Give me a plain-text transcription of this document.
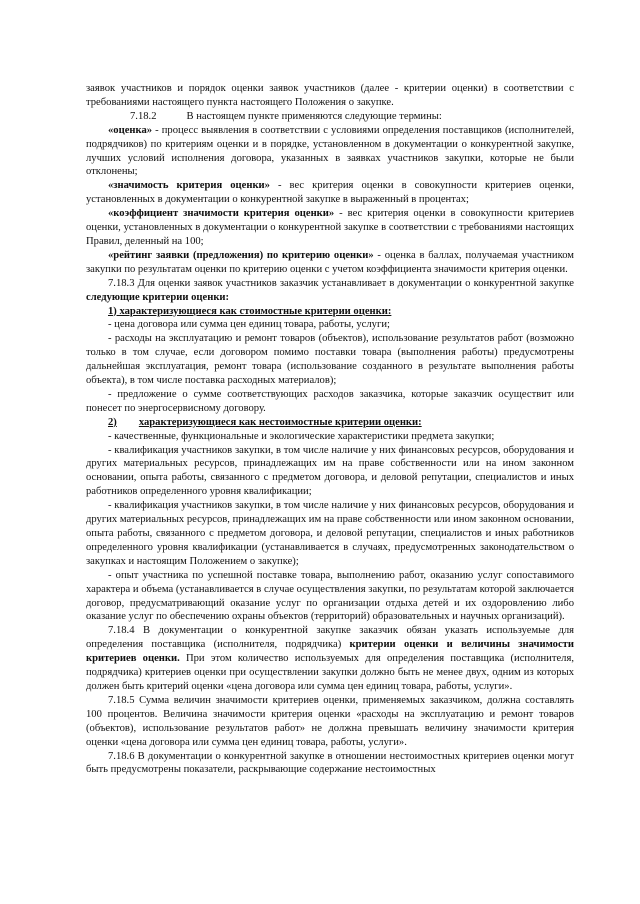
заявок участников и порядок оценки заявок участников (далее - критерии оценки) в соответствии с требованиями настоящего пункта настоящего Положения о закупке.

7.18.2	В настоящем пункте применяются следующие термины:

«оценка» - процесс выявления в соответствии с условиями определения поставщиков (исполнителей, подрядчиков) по критериям оценки и в порядке, установленном в документации о конкурентной закупке, лучших условий исполнения договора, указанных в заявках участников закупки, которые не были отклонены;

«значимость критерия оценки» - вес критерия оценки в совокупности критериев оценки, установленных в документации о конкурентной закупке в выраженный в процентах;

«коэффициент значимости критерия оценки» - вес критерия оценки в совокупности критериев оценки, установленных в документации о конкурентной закупке в соответствии с требованиями настоящих Правил, деленный на 100;

«рейтинг заявки (предложения) по критерию оценки» - оценка в баллах, получаемая участником закупки по результатам оценки по критерию оценки с учетом коэффициента значимости критерия оценки.

7.18.3 Для оценки заявок участников заказчик устанавливает в документации о конкурентной закупке следующие критерии оценки:

1) характеризующиеся как стоимостные критерии оценки:

- цена договора или сумма цен единиц товара, работы, услуги;

- расходы на эксплуатацию и ремонт товаров (объектов), использование результатов работ (возможно только в том случае, если договором помимо поставки товара (выполнения работы) предусмотрены дальнейшая эксплуатация, ремонт товара (использование созданного в результате выполнения работы объекта), в том числе поставка расходных материалов);

- предложение о сумме соответствующих расходов заказчика, которые заказчик осуществит или понесет по энергосервисному договору.

2) характеризующиеся как нестоимостные критерии оценки:

- качественные, функциональные и экологические характеристики предмета закупки;

- квалификация участников закупки, в том числе наличие у них финансовых ресурсов, оборудования и других материальных ресурсов, принадлежащих им на праве собственности или на ином законном основании, опыта работы, связанного с предметом договора, и деловой репутации, специалистов и иных работников определенного уровня квалификации;

- квалификация участников закупки, в том числе наличие у них финансовых ресурсов, оборудования и других материальных ресурсов, принадлежащих им на праве собственности или ином законном основании, опыта работы, связанного с предметом договора, и деловой репутации, специалистов и иных работников определенного уровня квалификации (устанавливается в случаях, предусмотренных законодательством о закупках и настоящим Положением о закупке);

- опыт участника по успешной поставке товара, выполнению работ, оказанию услуг сопоставимого характера и объема (устанавливается в случае осуществления закупки, по результатам которой заключается договор, предусматривающий оказание услуг по организации отдыха детей и их оздоровлению либо оказание услуг по обеспечению охраны объектов (территорий) образовательных и научных организаций).

7.18.4 В документации о конкурентной закупке заказчик обязан указать используемые для определения поставщика (исполнителя, подрядчика) критерии оценки и величины значимости критериев оценки. При этом количество используемых для определения поставщика (исполнителя, подрядчика) критериев оценки при осуществлении закупки должно быть не менее двух, одним из которых должен быть критерий оценки «цена договора или сумма цен единиц товара, работы, услуги».

7.18.5 Сумма величин значимости критериев оценки, применяемых заказчиком, должна составлять 100 процентов. Величина значимости критерия оценки «расходы на эксплуатацию и ремонт товаров (объектов), использование результатов работ» не должна превышать величину значимости критерия оценки «цена договора или сумма цен единиц товара, работы, услуги».

7.18.6 В документации о конкурентной закупке в отношении нестоимостных критериев оценки могут быть предусмотрены показатели, раскрывающие содержание нестоимостных
